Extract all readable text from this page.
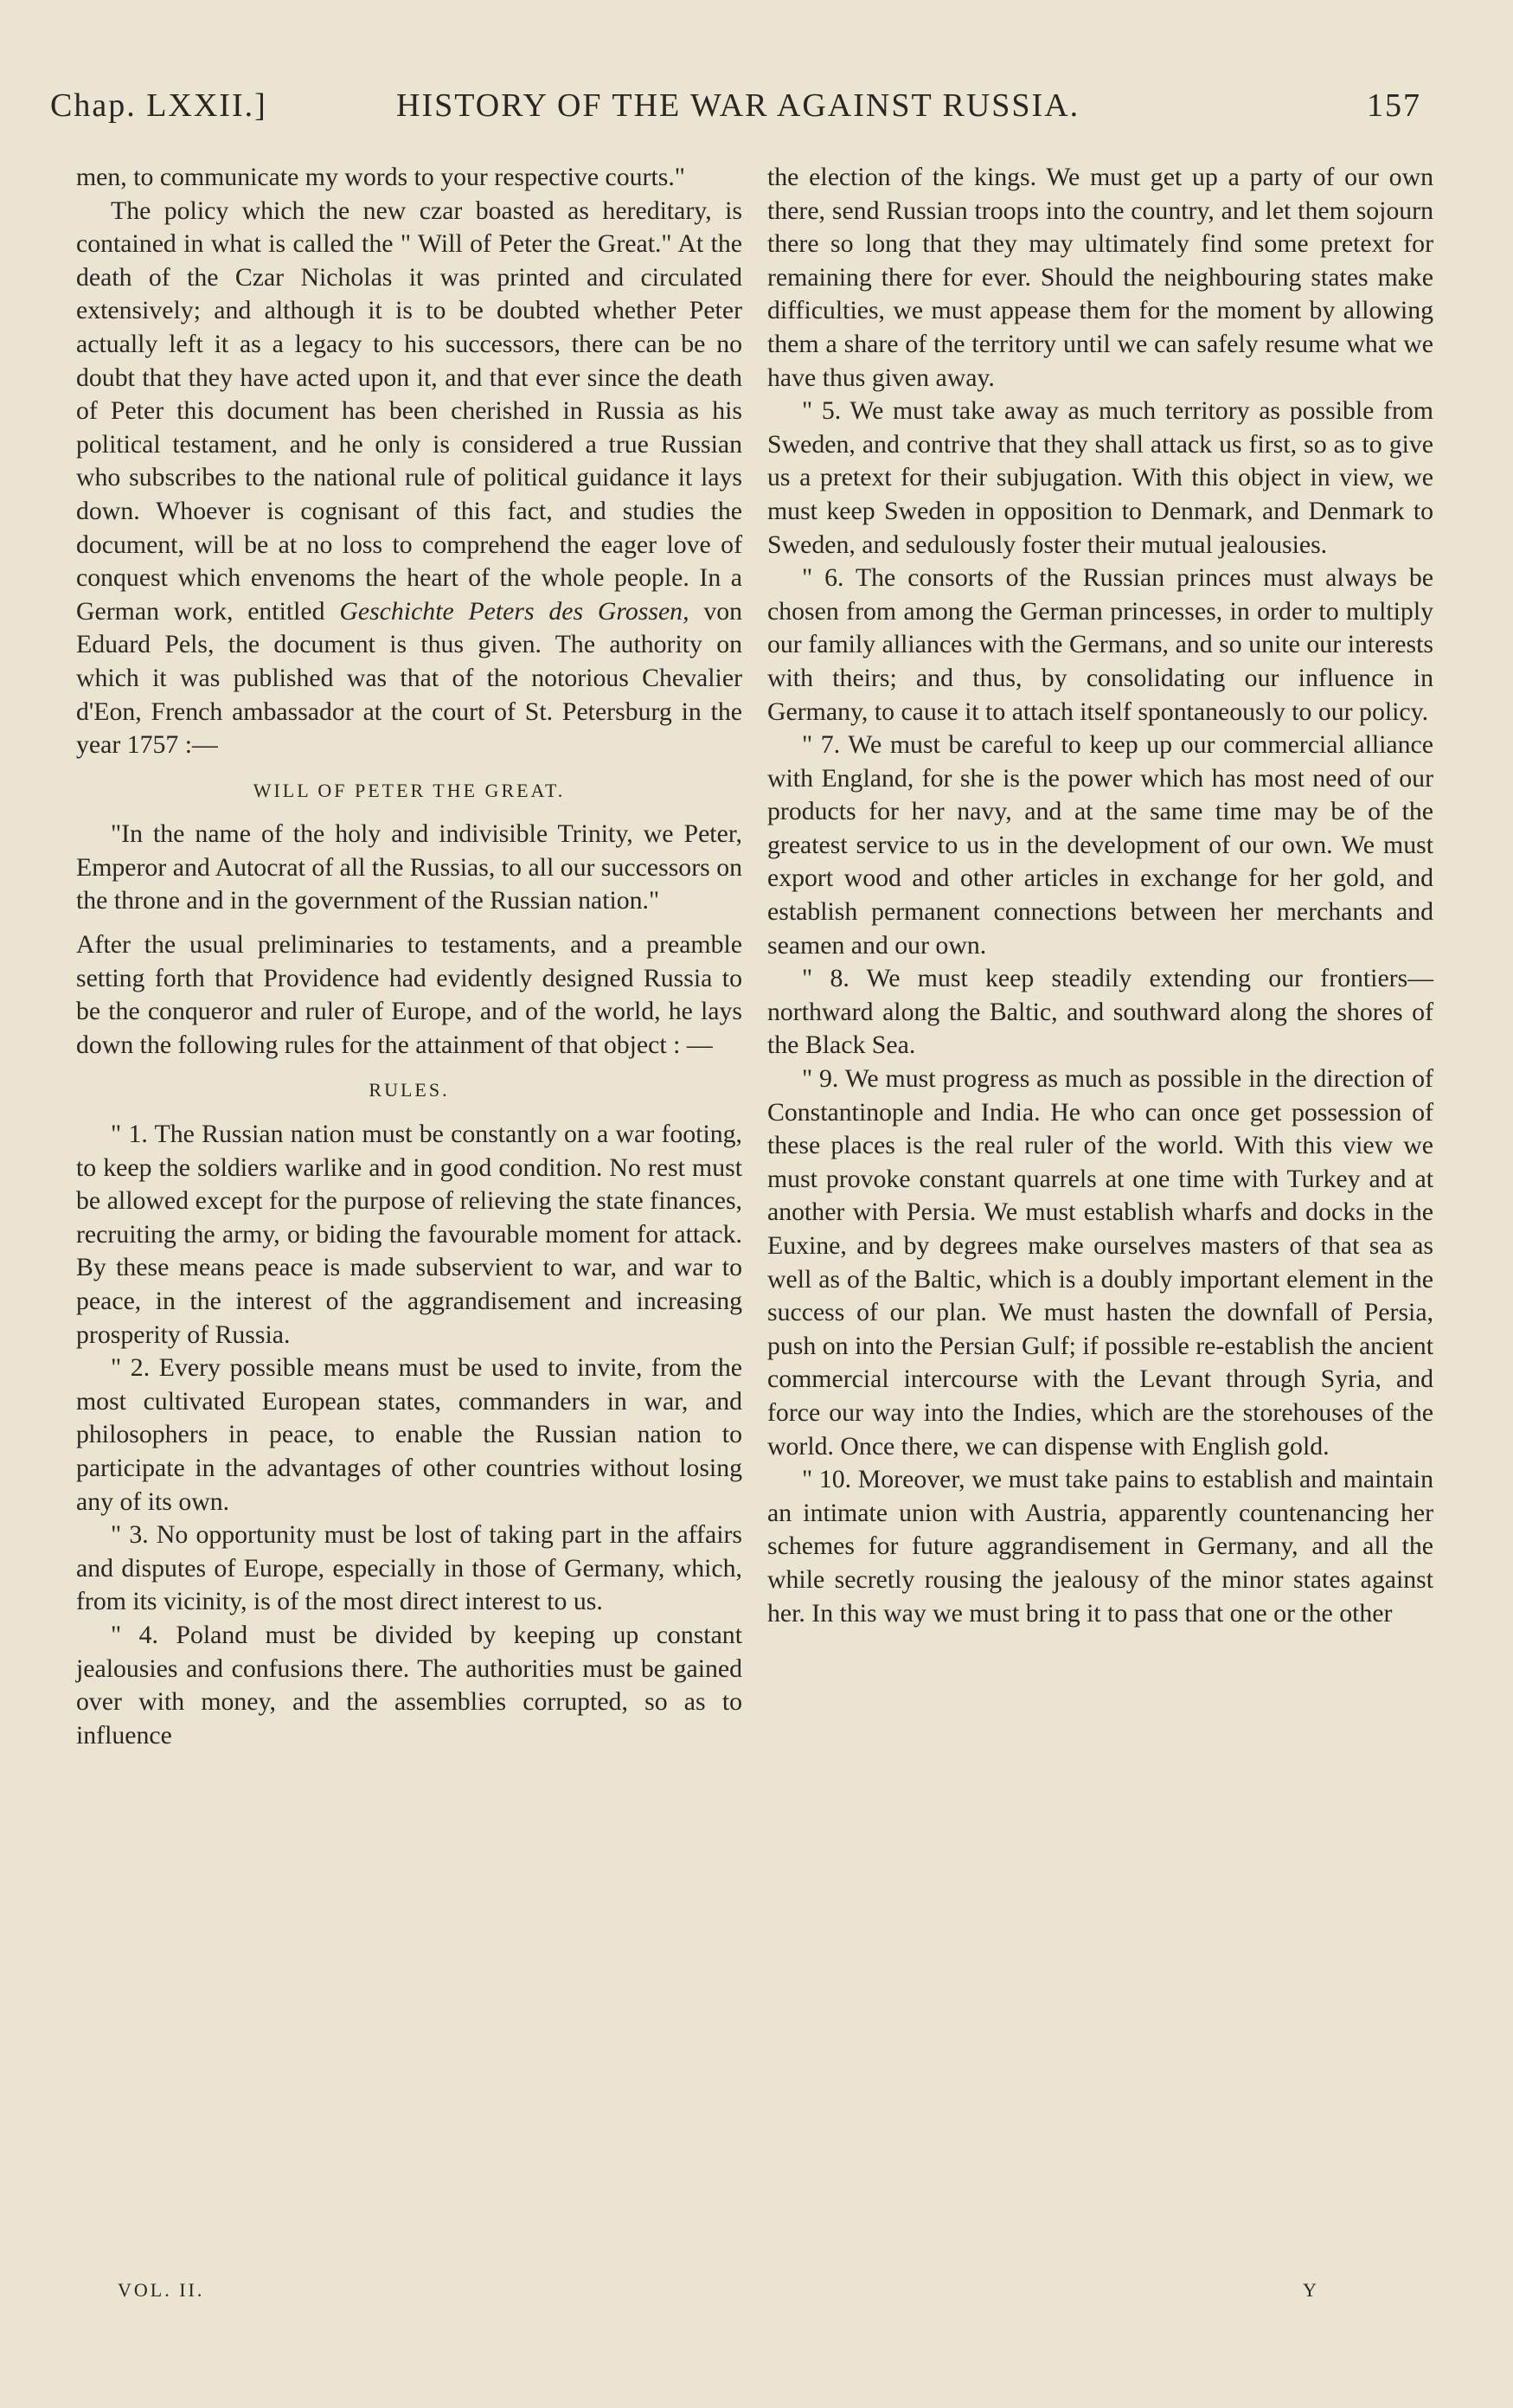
Chap. LXXII.]	HISTORY OF THE WAR AGAINST RUSSIA.	157

men, to communicate my words to your respective courts."

The policy which the new czar boasted as hereditary, is contained in what is called the " Will of Peter the Great." At the death of the Czar Nicholas it was printed and circulated extensively; and although it is to be doubted whether Peter actually left it as a legacy to his successors, there can be no doubt that they have acted upon it, and that ever since the death of Peter this document has been cherished in Russia as his political testament, and he only is considered a true Russian who subscribes to the national rule of political guidance it lays down. Whoever is cognisant of this fact, and studies the document, will be at no loss to comprehend the eager love of conquest which envenoms the heart of the whole people. In a German work, entitled Geschichte Peters des Grossen, von Eduard Pels, the document is thus given. The authority on which it was published was that of the notorious Chevalier d'Eon, French ambassador at the court of St. Petersburg in the year 1757 :—

WILL OF PETER THE GREAT.

"In the name of the holy and indivisible Trinity, we Peter, Emperor and Autocrat of all the Russias, to all our successors on the throne and in the government of the Russian nation."

After the usual preliminaries to testaments, and a preamble setting forth that Providence had evidently designed Russia to be the conqueror and ruler of Europe, and of the world, he lays down the following rules for the attainment of that object : —

RULES.

" 1. The Russian nation must be constantly on a war footing, to keep the soldiers warlike and in good condition. No rest must be allowed except for the purpose of relieving the state finances, recruiting the army, or biding the favourable moment for attack. By these means peace is made subservient to war, and war to peace, in the interest of the aggrandisement and increasing prosperity of Russia.

" 2. Every possible means must be used to invite, from the most cultivated European states, commanders in war, and philosophers in peace, to enable the Russian nation to participate in the advantages of other countries without losing any of its own.

" 3. No opportunity must be lost of taking part in the affairs and disputes of Europe, especially in those of Germany, which, from its vicinity, is of the most direct interest to us.

" 4. Poland must be divided by keeping up constant jealousies and confusions there. The authorities must be gained over with money, and the assemblies corrupted, so as to influence

the election of the kings. We must get up a party of our own there, send Russian troops into the country, and let them sojourn there so long that they may ultimately find some pretext for remaining there for ever. Should the neighbouring states make difficulties, we must appease them for the moment by allowing them a share of the territory until we can safely resume what we have thus given away.

" 5. We must take away as much territory as possible from Sweden, and contrive that they shall attack us first, so as to give us a pretext for their subjugation. With this object in view, we must keep Sweden in opposition to Denmark, and Denmark to Sweden, and sedulously foster their mutual jealousies.

" 6. The consorts of the Russian princes must always be chosen from among the German princesses, in order to multiply our family alliances with the Germans, and so unite our interests with theirs; and thus, by consolidating our influence in Germany, to cause it to attach itself spontaneously to our policy.

" 7. We must be careful to keep up our commercial alliance with England, for she is the power which has most need of our products for her navy, and at the same time may be of the greatest service to us in the development of our own. We must export wood and other articles in exchange for her gold, and establish permanent connections between her merchants and seamen and our own.

" 8. We must keep steadily extending our frontiers—northward along the Baltic, and southward along the shores of the Black Sea.

" 9. We must progress as much as possible in the direction of Constantinople and India. He who can once get possession of these places is the real ruler of the world. With this view we must provoke constant quarrels at one time with Turkey and at another with Persia. We must establish wharfs and docks in the Euxine, and by degrees make ourselves masters of that sea as well as of the Baltic, which is a doubly important element in the success of our plan. We must hasten the downfall of Persia, push on into the Persian Gulf; if possible re-establish the ancient commercial intercourse with the Levant through Syria, and force our way into the Indies, which are the storehouses of the world. Once there, we can dispense with English gold.

" 10. Moreover, we must take pains to establish and maintain an intimate union with Austria, apparently countenancing her schemes for future aggrandisement in Germany, and all the while secretly rousing the jealousy of the minor states against her. In this way we must bring it to pass that one or the other

VOL. II.	Y
